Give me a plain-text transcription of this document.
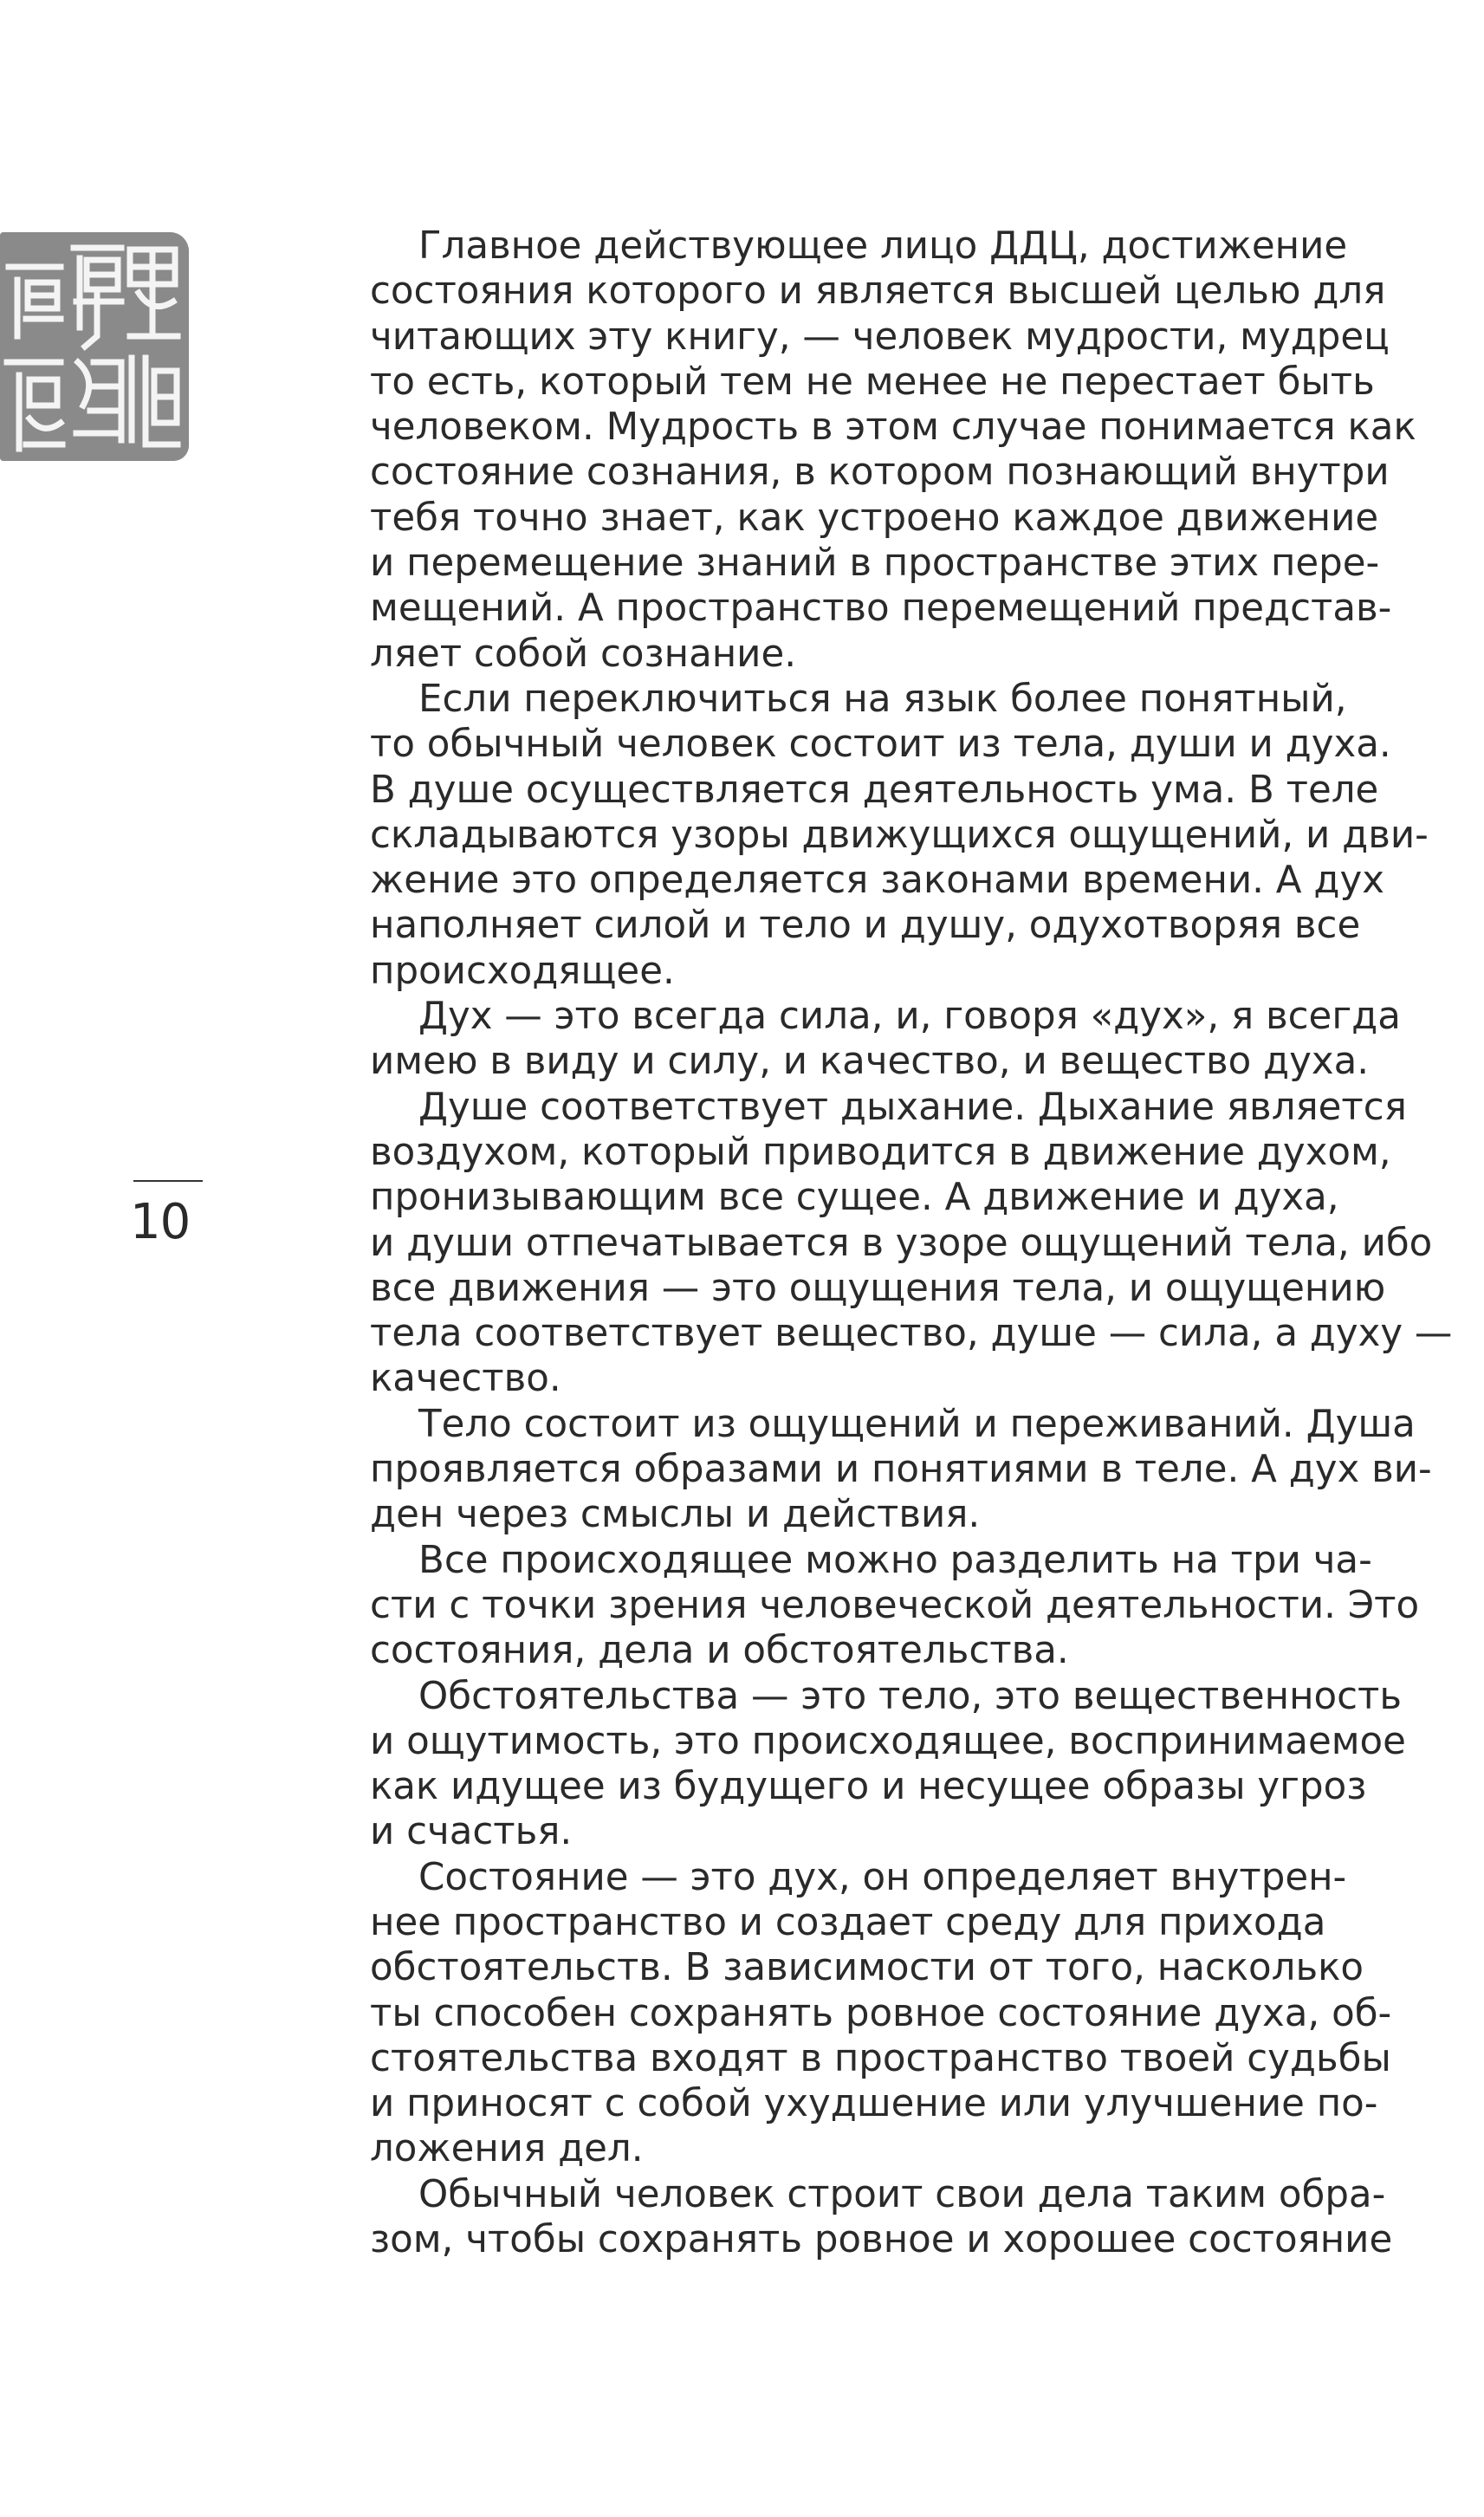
10
Главное действующее лицо ДДЦ, достижение
состояния которого и является высшей целью для
читающих эту книгу, — человек мудрости, мудрец
то есть, который тем не менее не перестает быть
человеком. Мудрость в этом случае понимается как
состояние сознания, в котором познающий внутри
тебя точно знает, как устроено каждое движение
и перемещение знаний в пространстве этих пере-
мещений. А пространство перемещений представ-
ляет собой сознание.
Если переключиться на язык более понятный,
то обычный человек состоит из тела, души и духа.
В душе осуществляется деятельность ума. В теле
складываются узоры движущихся ощущений, и дви-
жение это определяется законами времени. А дух
наполняет силой и тело и душу, одухотворяя все
происходящее.
Дух — это всегда сила, и, говоря «дух», я всегда
имею в виду и силу, и качество, и вещество духа.
Душе соответствует дыхание. Дыхание является
воздухом, который приводится в движение духом,
пронизывающим все сущее. А движение и духа,
и души отпечатывается в узоре ощущений тела, ибо
все движения — это ощущения тела, и ощущению
тела соответствует вещество, душе — сила, а духу —
качество.
Тело состоит из ощущений и переживаний. Душа
проявляется образами и понятиями в теле. А дух ви-
ден через смыслы и действия.
Все происходящее можно разделить на три ча-
сти с точки зрения человеческой деятельности. Это
состояния, дела и обстоятельства.
Обстоятельства — это тело, это вещественность
и ощутимость, это происходящее, воспринимаемое
как идущее из будущего и несущее образы угроз
и счастья.
Состояние — это дух, он определяет внутрен-
нее пространство и создает среду для прихода
обстоятельств. В зависимости от того, насколько
ты способен сохранять ровное состояние духа, об-
стоятельства входят в пространство твоей судьбы
и приносят с собой ухудшение или улучшение по-
ложения дел.
Обычный человек строит свои дела таким обра-
зом, чтобы сохранять ровное и хорошее состояние
